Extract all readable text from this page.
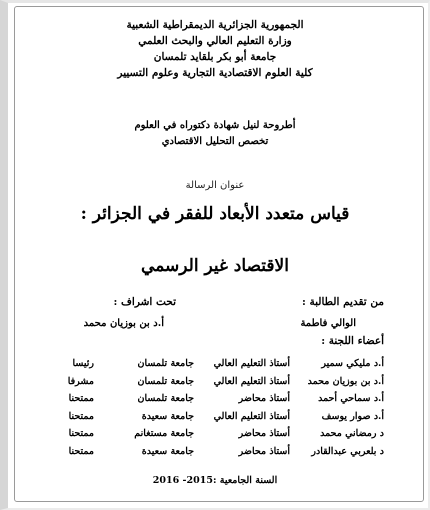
الجمهورية الجزائرية الديمقراطية الشعبية
وزارة التعليم العالي والبحث العلمي
جامعة أبو بكر بلقايد تلمسان
كلية العلوم الاقتصادية التجارية وعلوم التسيير
أطروحة لنيل شهادة دكتوراه في العلوم
تخصص التحليل الاقتصادي
عنوان الرسالة
قياس متعدد الأبعاد للفقر في الجزائر :
الاقتصاد غير الرسمي
من تقديم الطالبة :
الوالي فاطمة
تحت اشراف :
أ.د بن بوزيان محمد
أعضاء اللجنة :
أ.د مليكي سمير
أستاذ التعليم العالي
جامعة تلمسان
رئيسا
أ.د بن بوزيان محمد
أستاذ التعليم العالي
جامعة تلمسان
مشرفا
أ.د سماحي أحمد
أستاذ محاضر
جامعة تلمسان
ممتحنا
أ.د صوار يوسف
أستاذ التعليم العالي
جامعة سعيدة
ممتحنا
د رمضاني محمد
أستاذ محاضر
جامعة مستغانم
ممتحنا
د بلعربي عبدالقادر
أستاذ محاضر
جامعة سعيدة
ممتحنا
السنة الجامعية :2015- 2016
